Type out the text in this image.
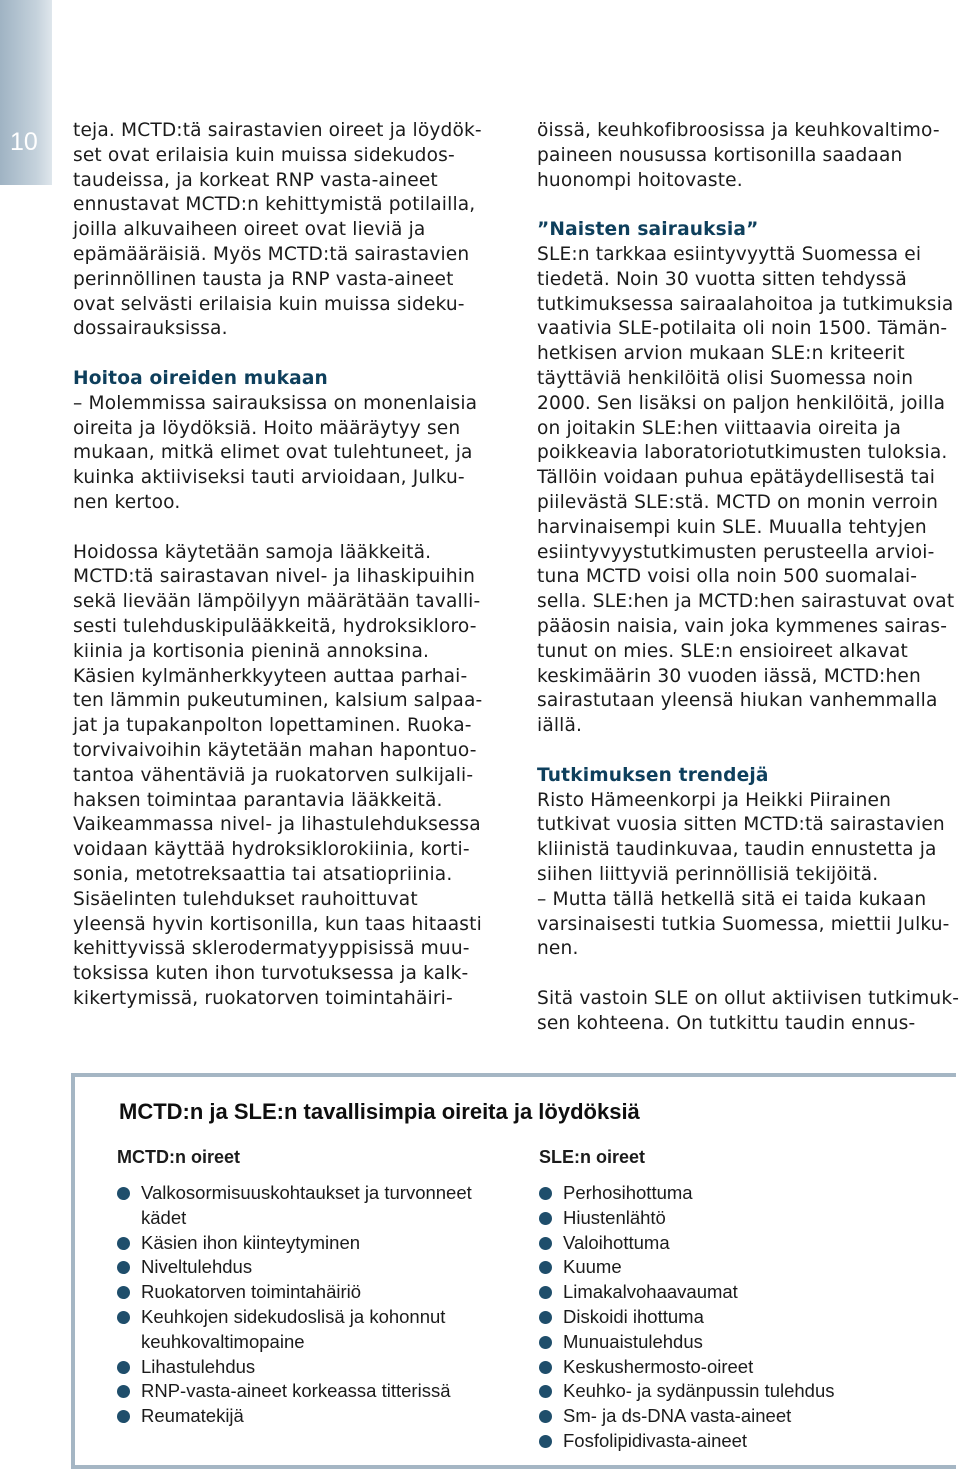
10 teja. MCTD:tä sairastavien oireet ja löydök-
set ovat erilaisia kuin muissa sidekudos-
taudeissa, ja korkeat RNP vasta-aineet
ennustavat MCTD:n kehittymistä potilailla,
joilla alkuvaiheen oireet ovat lieviä ja
epämääräisiä. Myös MCTD:tä sairastavien
perinnöllinen tausta ja RNP vasta-aineet
ovat selvästi erilaisia kuin muissa sideku-
dossairauksissa.
Hoitoa oireiden mukaan
– Molemmissa sairauksissa on monenlaisia
oireita ja löydöksiä. Hoito määräytyy sen
mukaan, mitkä elimet ovat tulehtuneet, ja
kuinka aktiiviseksi tauti arvioidaan, Julku-
nen kertoo.
Hoidossa käytetään samoja lääkkeitä.
MCTD:tä sairastavan nivel- ja lihaskipuihin
sekä lievään lämpöilyyn määrätään tavalli-
sesti tulehduskipulääkkeitä, hydroksikloro-
kiinia ja kortisonia pieninä annoksina.
Käsien kylmänherkkyyteen auttaa parhai-
ten lämmin pukeutuminen, kalsium salpaa-
jat ja tupakanpolton lopettaminen. Ruoka-
torvivaivoihin käytetään mahan hapontuo-
tantoa vähentäviä ja ruokatorven sulkijali-
haksen toimintaa parantavia lääkkeitä.
Vaikeammassa nivel- ja lihastulehduksessa
voidaan käyttää hydroksiklorokiinia, korti-
sonia, metotreksaattia tai atsatiopriinia.
Sisäelinten tulehdukset rauhoittuvat
yleensä hyvin kortisonilla, kun taas hitaasti
kehittyvissä sklerodermatyyppisissä muu-
toksissa kuten ihon turvotuksessa ja kalk-
kikertymissä, ruokatorven toimintahäiri-
öissä, keuhkofibroosissa ja keuhkovaltimo-
paineen nousussa kortisonilla saadaan
huonompi hoitovaste.
”Naisten sairauksia”
SLE:n tarkkaa esiintyvyyttä Suomessa ei
tiedetä. Noin 30 vuotta sitten tehdyssä
tutkimuksessa sairaalahoitoa ja tutkimuksia
vaativia SLE-potilaita oli noin 1500. Tämän-
hetkisen arvion mukaan SLE:n kriteerit
täyttäviä henkilöitä olisi Suomessa noin
2000. Sen lisäksi on paljon henkilöitä, joilla
on joitakin SLE:hen viittaavia oireita ja
poikkeavia laboratoriotutkimusten tuloksia.
Tällöin voidaan puhua epätäydellisestä tai
piilevästä SLE:stä. MCTD on monin verroin
harvinaisempi kuin SLE. Muualla tehtyjen
esiintyvyystutkimusten perusteella arvioi-
tuna MCTD voisi olla noin 500 suomalai-
sella. SLE:hen ja MCTD:hen sairastuvat ovat
pääosin naisia, vain joka kymmenes sairas-
tunut on mies. SLE:n ensioireet alkavat
keskimäärin 30 vuoden iässä, MCTD:hen
sairastutaan yleensä hiukan vanhemmalla
iällä.
Tutkimuksen trendejä
Risto Hämeenkorpi ja Heikki Piirainen
tutkivat vuosia sitten MCTD:tä sairastavien
kliinistä taudinkuvaa, taudin ennustetta ja
siihen liittyviä perinnöllisiä tekijöitä.
– Mutta tällä hetkellä sitä ei taida kukaan
varsinaisesti tutkia Suomessa, miettii Julku-
nen.
Sitä vastoin SLE on ollut aktiivisen tutkimuk-
sen kohteena. On tutkittu taudin ennus-
MCTD:n ja SLE:n tavallisimpia oireita ja löydöksiä
MCTD:n oireet
Valkosormisuuskohtaukset ja turvonneet
kädet
Käsien ihon kiinteytyminen
Niveltulehdus
Ruokatorven toimintahäiriö
Keuhkojen sidekudoslisä ja kohonnut
keuhkovaltimopaine
Lihastulehdus
RNP-vasta-aineet korkeassa titterissä
Reumatekijä
SLE:n oireet
Perhosihottuma
Hiustenlähtö
Valoihottuma
Kuume
Limakalvohaavaumat
Diskoidi ihottuma
Munuaistulehdus
Keskushermosto-oireet
Keuhko- ja sydänpussin tulehdus
Sm- ja ds-DNA vasta-aineet
Fosfolipidivasta-aineet
